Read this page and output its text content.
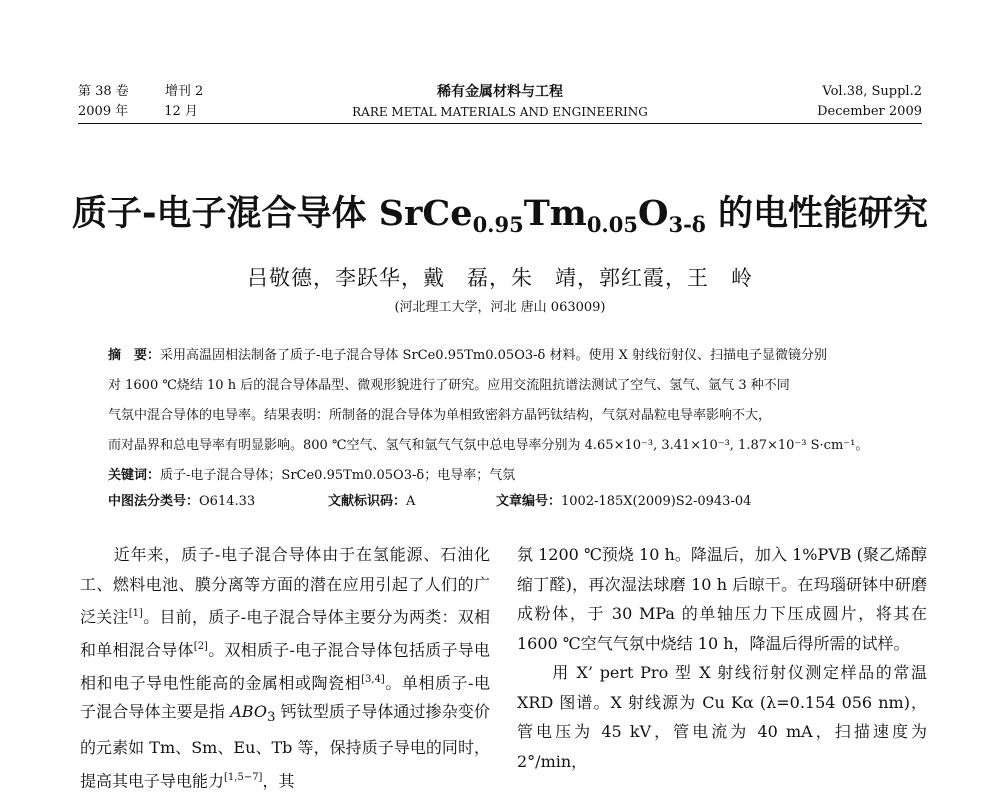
第 38 卷	增刊 2
2009 年	12 月
稀有金属材料与工程
RARE METAL MATERIALS AND ENGINEERING
Vol.38, Suppl.2
December 2009
质子-电子混合导体 $SrCe_{0.95}Tm_{0.05}O_{3-\delta}$ 的电性能研究
吕敬德，李跃华，戴　磊，朱　靖，郭红霞，王　岭
(河北理工大学，河北 唐山 063009)
摘　要：采用高温固相法制备了质子-电子混合导体 SrCe0.95Tm0.05O3-δ 材料。使用 X 射线衍射仪、扫描电子显微镜分别
对 1600 ℃烧结 10 h 后的混合导体晶型、微观形貌进行了研究。应用交流阻抗谱法测试了空气、氢气、氩气 3 种不同
气氛中混合导体的电导率。结果表明：所制备的混合导体为单相致密斜方晶钙钛结构，气氛对晶粒电导率影响不大，
而对晶界和总电导率有明显影响。800 ℃空气、氢气和氩气气氛中总电导率分别为 4.65×10⁻³, 3.41×10⁻³, 1.87×10⁻³ S·cm⁻¹。
关键词：质子-电子混合导体；SrCe0.95Tm0.05O3-δ；电导率；气氛
中图法分类号：O614.33	文献标识码：A	文章编号：1002-185X(2009)S2-0943-04

　　近年来，质子-电子混合导体由于在氢能源、石油化工、燃料电池、膜分离等方面的潜在应用引起了人们的广泛关注[1]。目前，质子-电子混合导体主要分为两类：双相和单相混合导体[2]。双相质子-电子混合导体包括质子导电相和电子导电性能高的金属相或陶瓷相[3,4]。单相质子-电子混合导体主要是指 $ABO_3$ 钙钛型质子导体通过掺杂变价的元素如 Tm、Sm、Eu、Tb 等，保持质子导电的同时，提高其电子导电能力[1,5−7]，其

氛 1200 ℃预烧 10 h。降温后，加入 1%PVB (聚乙烯醇缩丁醛)，再次湿法球磨 10 h 后晾干。在玛瑙研钵中研磨成粉体，于 30 MPa 的单轴压力下压成圆片，将其在 1600 ℃空气气氛中烧结 10 h，降温后得所需的试样。

　　用 X’ pert Pro 型 X 射线衍射仪测定样品的常温 XRD 图谱。X 射线源为 Cu Kα (λ=0.154 056 nm)，管电压为 45 kV，管电流为 40 mA，扫描速度为 2°/min，
